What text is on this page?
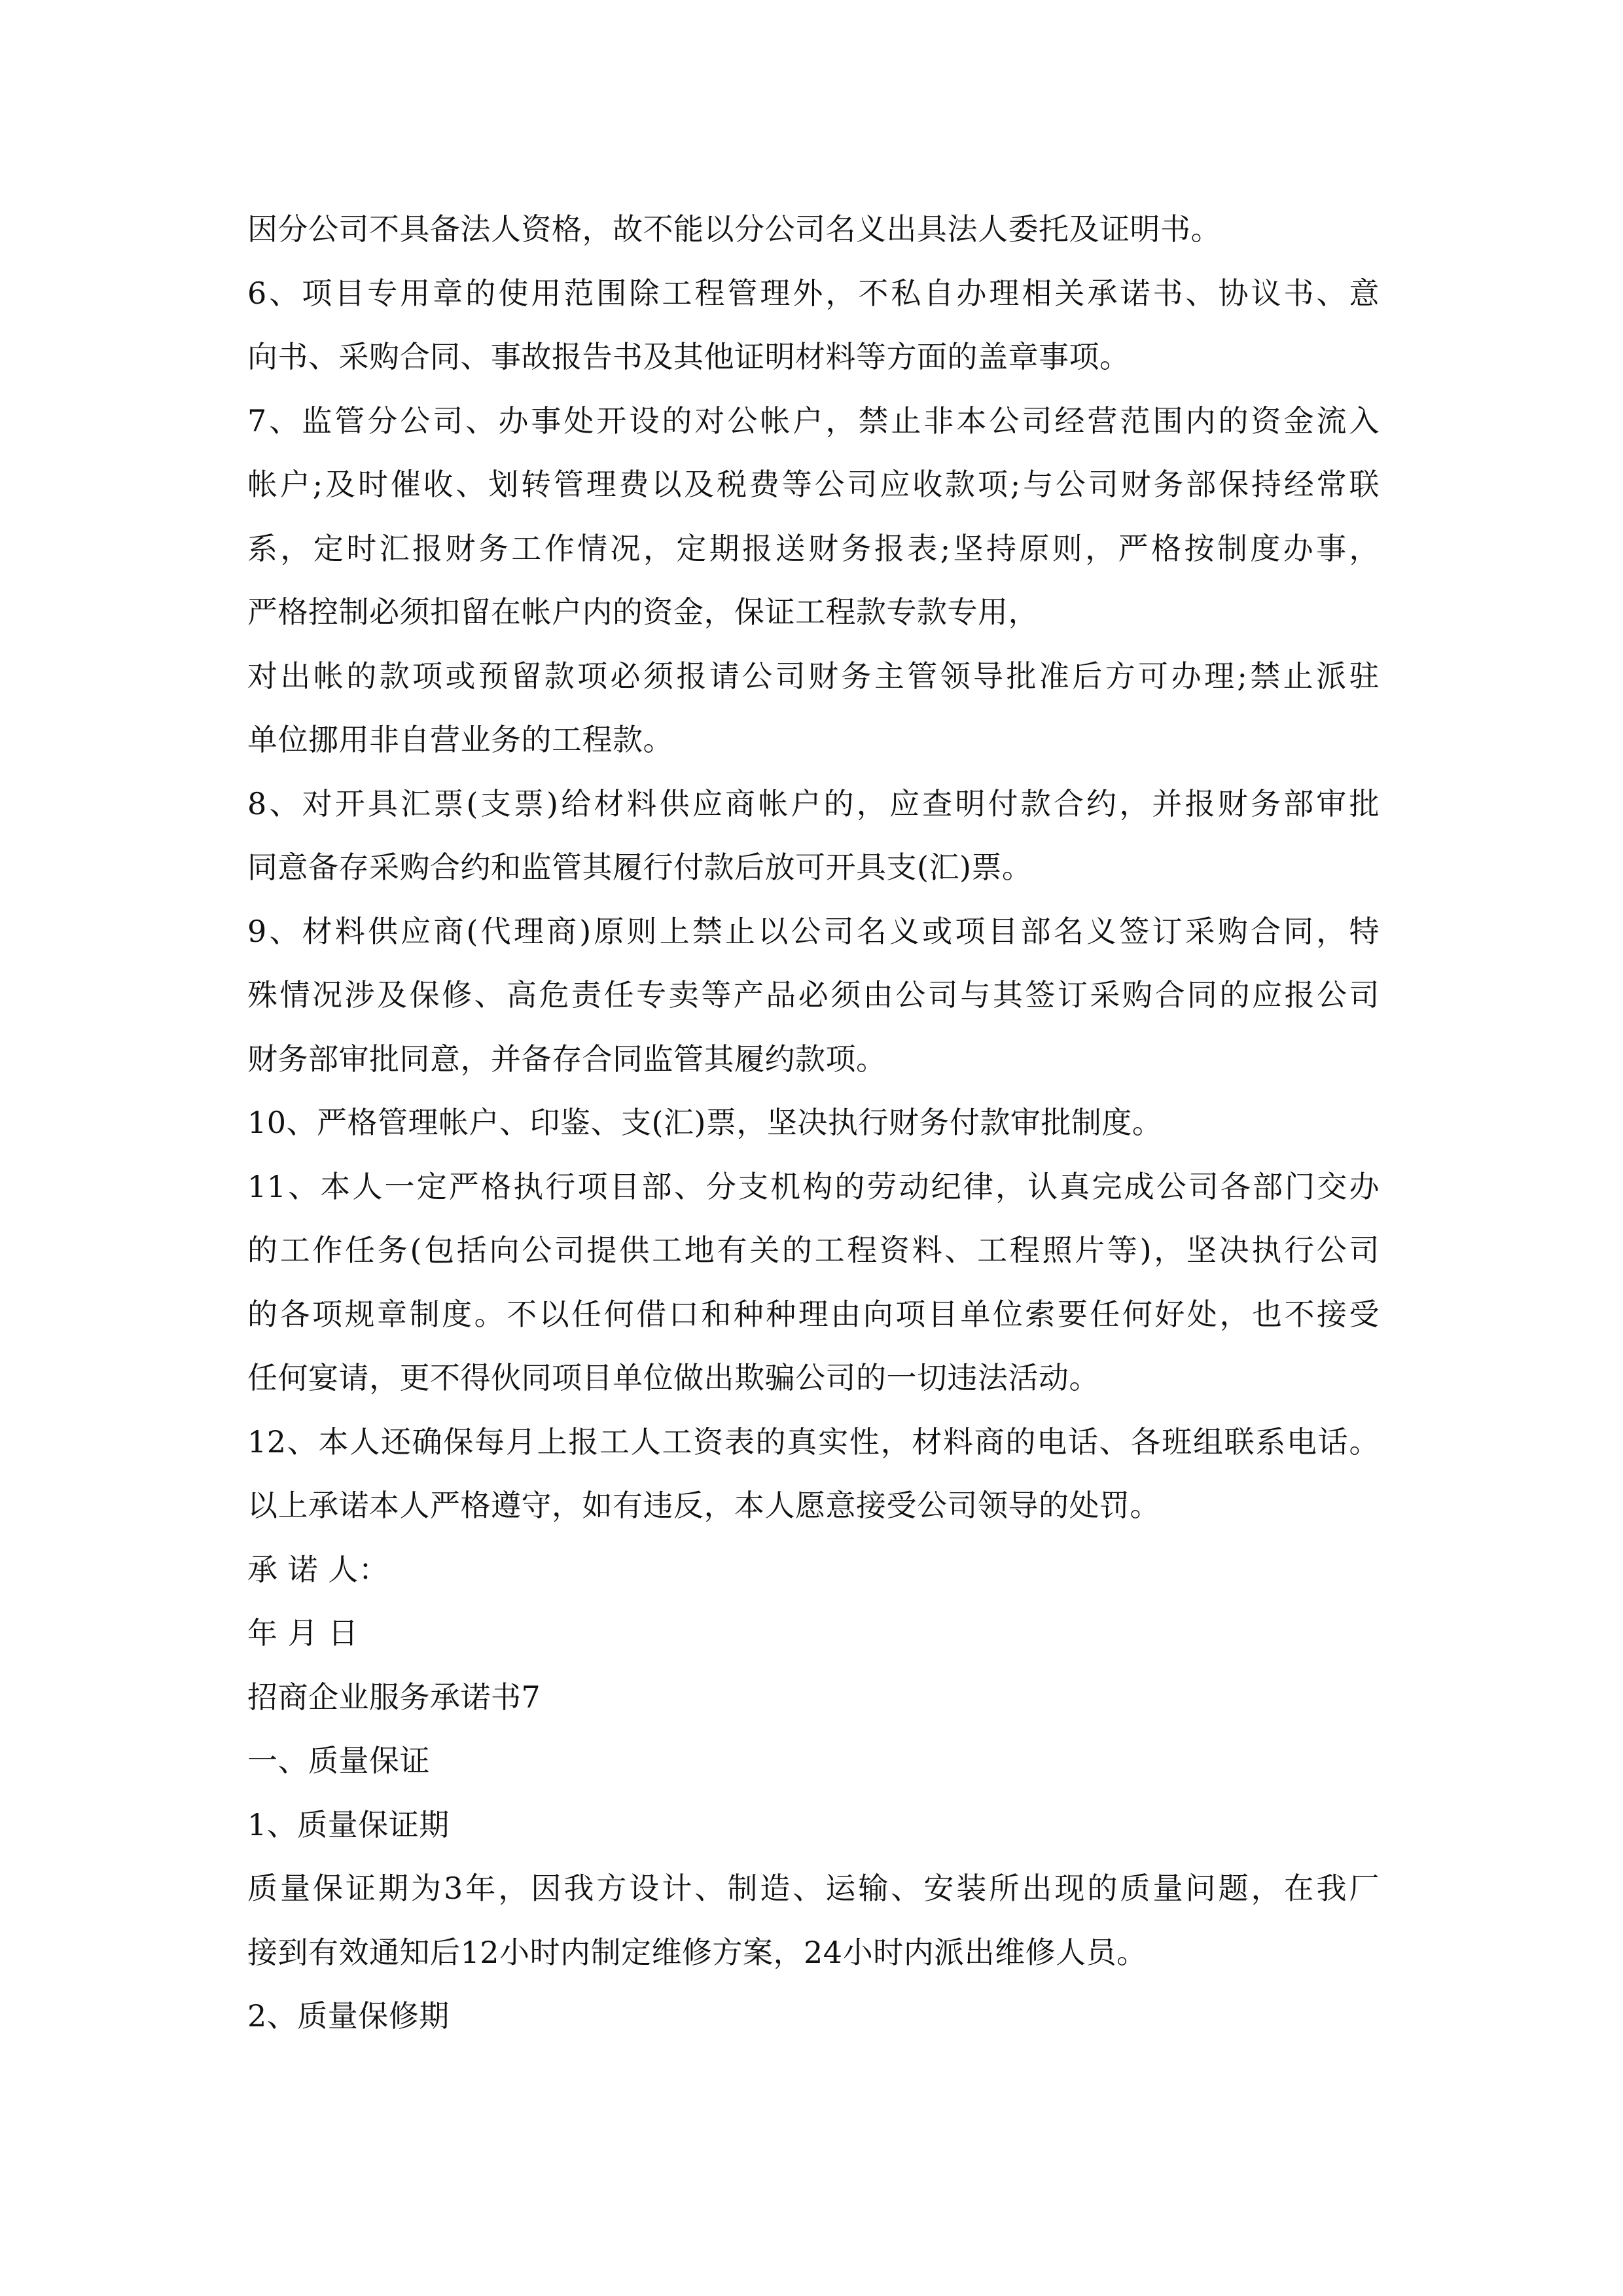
因分公司不具备法人资格，故不能以分公司名义出具法人委托及证明书。
6、项目专用章的使用范围除工程管理外，不私自办理相关承诺书、协议书、意
向书、采购合同、事故报告书及其他证明材料等方面的盖章事项。
7、监管分公司、办事处开设的对公帐户，禁止非本公司经营范围内的资金流入
帐户;及时催收、划转管理费以及税费等公司应收款项;与公司财务部保持经常联
系，定时汇报财务工作情况，定期报送财务报表;坚持原则，严格按制度办事，
严格控制必须扣留在帐户内的资金，保证工程款专款专用，
对出帐的款项或预留款项必须报请公司财务主管领导批准后方可办理;禁止派驻
单位挪用非自营业务的工程款。
8、对开具汇票(支票)给材料供应商帐户的，应查明付款合约，并报财务部审批
同意备存采购合约和监管其履行付款后放可开具支(汇)票。
9、材料供应商(代理商)原则上禁止以公司名义或项目部名义签订采购合同，特
殊情况涉及保修、高危责任专卖等产品必须由公司与其签订采购合同的应报公司
财务部审批同意，并备存合同监管其履约款项。
10、严格管理帐户、印鉴、支(汇)票，坚决执行财务付款审批制度。
11、本人一定严格执行项目部、分支机构的劳动纪律，认真完成公司各部门交办
的工作任务(包括向公司提供工地有关的工程资料、工程照片等)，坚决执行公司
的各项规章制度。不以任何借口和种种理由向项目单位索要任何好处，也不接受
任何宴请，更不得伙同项目单位做出欺骗公司的一切违法活动。
12、本人还确保每月上报工人工资表的真实性，材料商的电话、各班组联系电话。
以上承诺本人严格遵守，如有违反，本人愿意接受公司领导的处罚。
承 诺 人：
年 月 日
招商企业服务承诺书7
一、质量保证
1、质量保证期
质量保证期为3年，因我方设计、制造、运输、安装所出现的质量问题，在我厂
接到有效通知后12小时内制定维修方案，24小时内派出维修人员。
2、质量保修期
